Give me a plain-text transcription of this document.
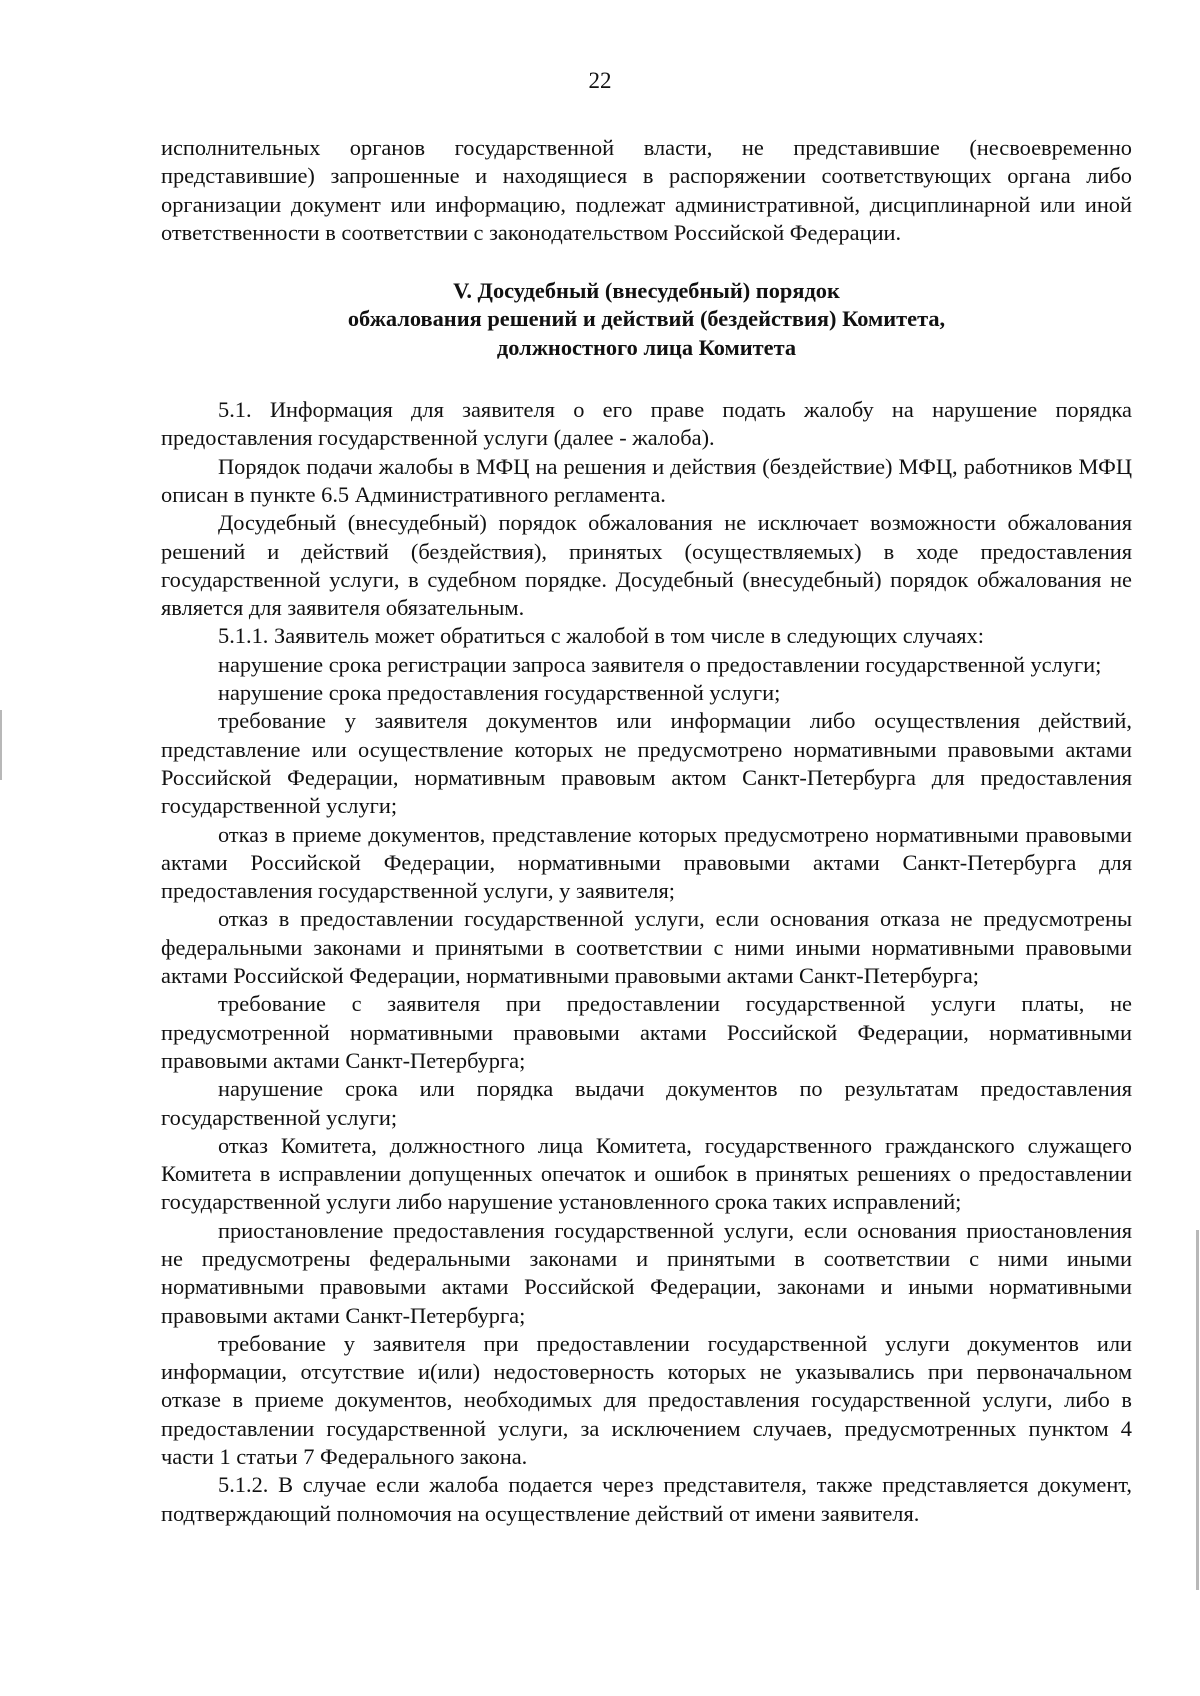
22

исполнительных органов государственной власти, не представившие (несвоевременно представившие) запрошенные и находящиеся в распоряжении соответствующих органа либо организации документ или информацию, подлежат административной, дисциплинарной или иной ответственности в соответствии с законодательством Российской Федерации.

V. Досудебный (внесудебный) порядок
обжалования решений и действий (бездействия) Комитета,
должностного лица Комитета

5.1. Информация для заявителя о его праве подать жалобу на нарушение порядка предоставления государственной услуги (далее - жалоба).

Порядок подачи жалобы в МФЦ на решения и действия (бездействие) МФЦ, работников МФЦ описан в пункте 6.5 Административного регламента.

Досудебный (внесудебный) порядок обжалования не исключает возможности обжалования решений и действий (бездействия), принятых (осуществляемых) в ходе предоставления государственной услуги, в судебном порядке. Досудебный (внесудебный) порядок обжалования не является для заявителя обязательным.

5.1.1. Заявитель может обратиться с жалобой в том числе в следующих случаях:

нарушение срока регистрации запроса заявителя о предоставлении государственной услуги;

нарушение срока предоставления государственной услуги;

требование у заявителя документов или информации либо осуществления действий, представление или осуществление которых не предусмотрено нормативными правовыми актами Российской Федерации, нормативным правовым актом Санкт-Петербурга для предоставления государственной услуги;

отказ в приеме документов, представление которых предусмотрено нормативными правовыми актами Российской Федерации, нормативными правовыми актами Санкт-Петербурга для предоставления государственной услуги, у заявителя;

отказ в предоставлении государственной услуги, если основания отказа не предусмотрены федеральными законами и принятыми в соответствии с ними иными нормативными правовыми актами Российской Федерации, нормативными правовыми актами Санкт-Петербурга;

требование с заявителя при предоставлении государственной услуги платы, не предусмотренной нормативными правовыми актами Российской Федерации, нормативными правовыми актами Санкт-Петербурга;

нарушение срока или порядка выдачи документов по результатам предоставления государственной услуги;

отказ Комитета, должностного лица Комитета, государственного гражданского служащего Комитета в исправлении допущенных опечаток и ошибок в принятых решениях о предоставлении государственной услуги либо нарушение установленного срока таких исправлений;

приостановление предоставления государственной услуги, если основания приостановления не предусмотрены федеральными законами и принятыми в соответствии с ними иными нормативными правовыми актами Российской Федерации, законами и иными нормативными правовыми актами Санкт-Петербурга;

требование у заявителя при предоставлении государственной услуги документов или информации, отсутствие и(или) недостоверность которых не указывались при первоначальном отказе в приеме документов, необходимых для предоставления государственной услуги, либо в предоставлении государственной услуги, за исключением случаев, предусмотренных пунктом 4 части 1 статьи 7 Федерального закона.

5.1.2. В случае если жалоба подается через представителя, также представляется документ, подтверждающий полномочия на осуществление действий от имени заявителя.
